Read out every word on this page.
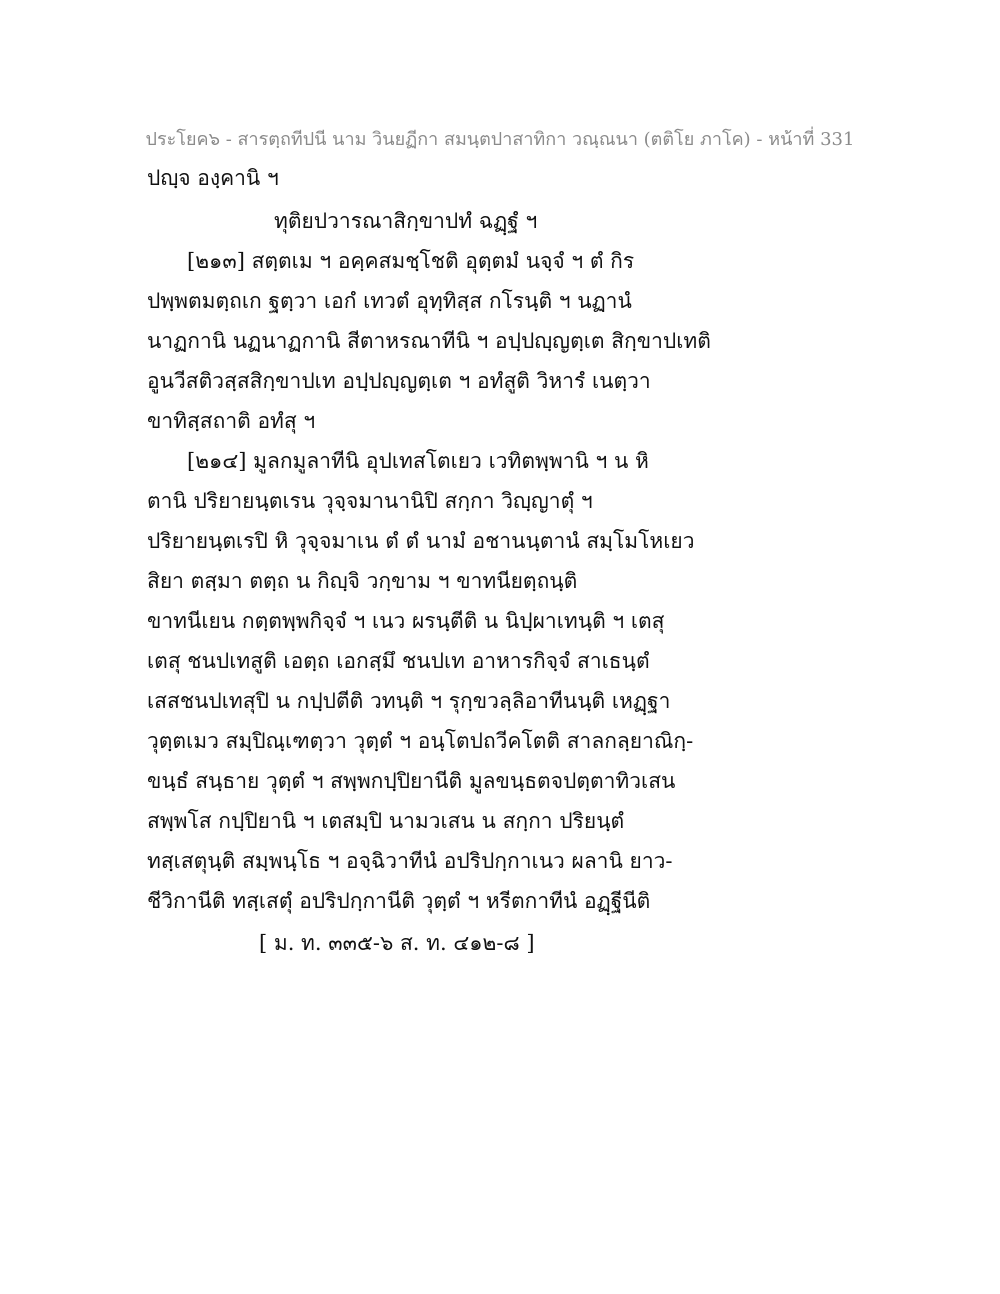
ประโยค๖ - สารตฺถทีปนี นาม วินยฏีกา สมนฺตปาสาทิกา วณฺณนา (ตติโย ภาโค) - หน้าที่ 331
ปญฺจ องฺคานิ ฯ
ทุติยปวารณาสิกฺขาปทํ ฉฏฺฐํ ฯ
[๒๑๓] สตฺตเม ฯ อคฺคสมชฺโชติ อุตฺตมํ นจฺจํ ฯ ตํ กิร
ปพฺพตมตฺถเก ฐตฺวา เอกํ เทวตํ อุทฺทิสฺส กโรนฺติ ฯ นฏานํ
นาฏกานิ นฏนาฏกานิ สีตาหรณาทีนิ ฯ อปฺปญฺญตฺเต สิกฺขาปเทติ
อูนวีสติวสฺสสิกฺขาปเท อปฺปญฺญตฺเต ฯ อทํสูติ วิหารํ เนตฺวา
ขาทิสฺสถาติ อทํสุ ฯ
[๒๑๔] มูลกมูลาทีนิ อุปเทสโตเยว เวทิตพฺพานิ ฯ น หิ
ตานิ ปริยายนฺตเรน วุจฺจมานานิปิ สกฺกา วิญฺญาตุํ ฯ
ปริยายนฺตเรปิ หิ วุจฺจมาเน ตํ ตํ นามํ อชานนฺตานํ สมฺโมโหเยว
สิยา ตสฺมา ตตฺถ น กิญฺจิ วกฺขาม ฯ ขาทนียตฺถนฺติ
ขาทนีเยน กตฺตพฺพกิจฺจํ ฯ เนว ผรนฺตีติ น นิปฺผาเทนฺติ ฯ เตสุ
เตสุ ชนปเทสูติ เอตฺถ เอกสฺมึ ชนปเท อาหารกิจฺจํ สาเธนฺตํ
เสสชนปเทสุปิ น กปฺปตีติ วทนฺติ ฯ รุกฺขวลฺลิอาทีนนฺติ เหฏฺฐา
วุตฺตเมว สมฺปิณฺเฑตฺวา วุตฺตํ ฯ อนฺโตปถวีคโตติ สาลกลฺยาณิกฺ-
ขนฺธํ สนฺธาย วุตฺตํ ฯ สพฺพกปฺปิยานีติ มูลขนฺธตจปตฺตาทิวเสน
สพฺพโส กปฺปิยานิ ฯ เตสมฺปิ นามวเสน น สกฺกา ปริยนฺตํ
ทสฺเสตุนฺติ สมฺพนฺโธ ฯ อจฺฉิวาทีนํ อปริปกฺกาเนว ผลานิ ยาว-
ชีวิกานีติ ทสฺเสตุํ อปริปกฺกานีติ วุตฺตํ ฯ หรีตกาทีนํ อฏฺฐีนีติ
[ ม. ท. ๓๓๕-๖ ส. ท. ๔๑๒-๘ ]
